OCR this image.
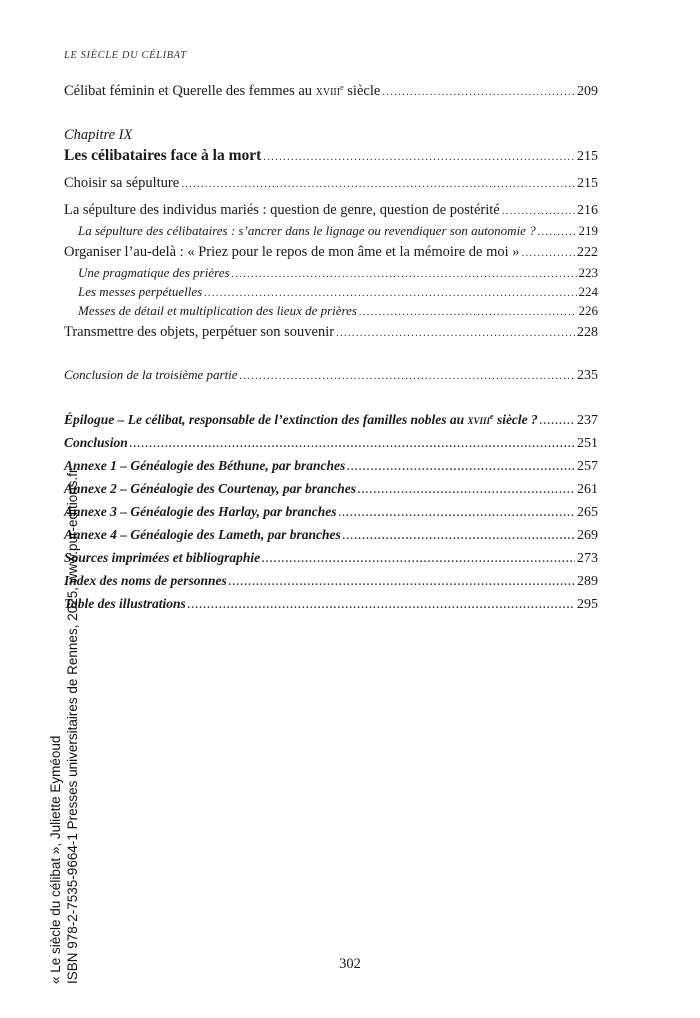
LE SIÈCLE DU CÉLIBAT
Célibat féminin et Querelle des femmes au xviii$^e$ siècle .....	209
Chapitre IX
Les célibataires face à la mort .....	215
Choisir sa sépulture .....	215
La sépulture des individus mariés : question de genre, question de postérité .....	216
La sépulture des célibataires : s’ancrer dans le lignage ou revendiquer son autonomie ? .....	219
Organiser l’au-delà : « Priez pour le repos de mon âme et la mémoire de moi » .....	222
Une pragmatique des prières .....	223
Les messes perpétuelles .....	224
Messes de détail et multiplication des lieux de prières .....	226
Transmettre des objets, perpétuer son souvenir .....	228
Conclusion de la troisième partie .....	235
Épilogue – Le célibat, responsable de l’extinction des familles nobles au xviii$^e$ siècle ? .....	237
Conclusion .....	251
Annexe 1 – Généalogie des Béthune, par branches .....	257
Annexe 2 – Généalogie des Courtenay, par branches .....	261
Annexe 3 – Généalogie des Harlay, par branches .....	265
Annexe 4 – Généalogie des Lameth, par branches .....	269
Sources imprimées et bibliographie .....	273
Index des noms de personnes .....	289
Table des illustrations .....	295
302
« Le siècle du célibat », Juliette Eyméoud ISBN 978-2-7535-9664-1 Presses universitaires de Rennes, 2025, www.pur-editions.fr
